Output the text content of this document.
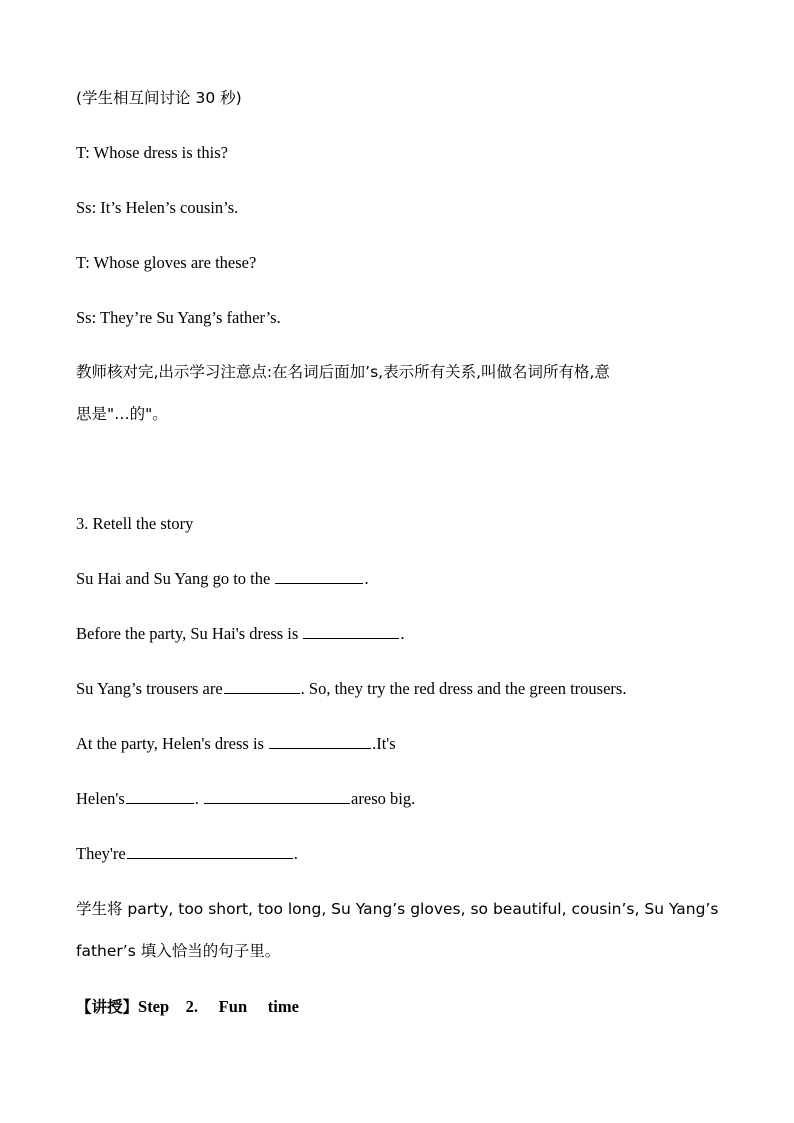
(学生相互间讨论 30 秒)
T: Whose dress is this?
Ss: It’s Helen’s cousin’s.
T: Whose gloves are these?
Ss: They’re Su Yang’s father’s.
教师核对完,出示学习注意点:在名词后面加’s,表示所有关系,叫做名词所有格,意
思是"…的"。
3. Retell the story
Su Hai and Su Yang go to the	.
Before the party, Su Hai's dress is	.
Su Yang’s trousers are	. So, they try the red dress and the green trousers.
At the party, Helen's dress is	.It's
Helen's	.	areso big.
They're	.
学生将 party, too short, too long, Su Yang’s gloves, so beautiful, cousin’s, Su Yang’s
father’s 填入恰当的句子里。
【讲授】Step    2.     Fun     time
